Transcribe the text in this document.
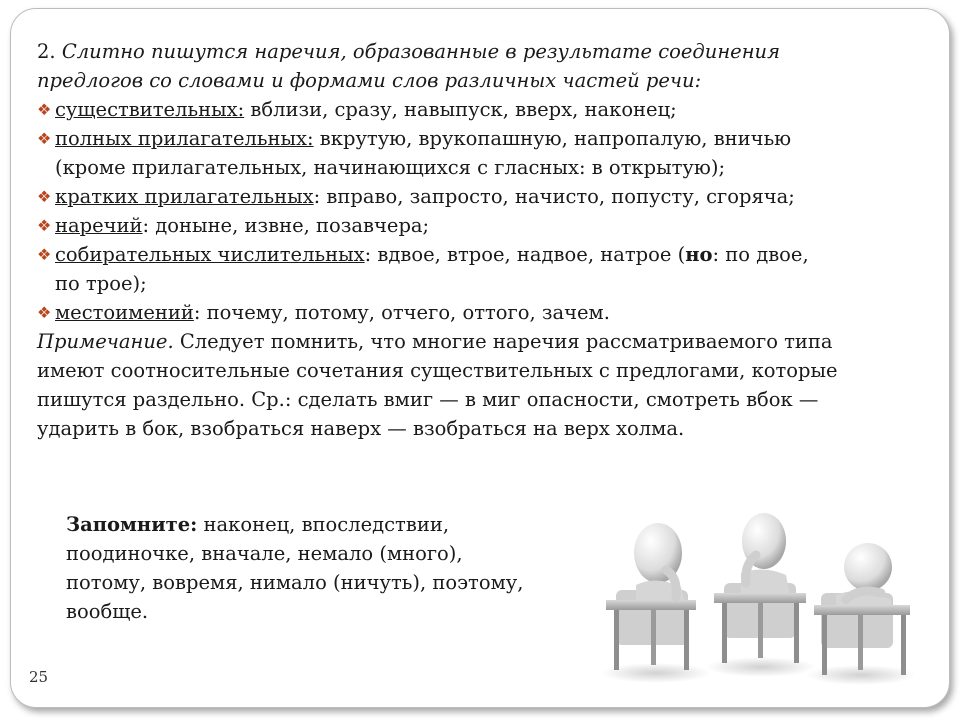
2. Слитно пишутся наречия, образованные в результате соединения предлогов со словами и формами слов различных частей речи:
❖ существительных: вблизи, сразу, навыпуск, вверх, наконец;
❖ полных прилагательных: вкрутую, врукопашную, напропалую, вничью
(кроме прилагательных, начинающихся с гласных: в открытую);
❖ кратких прилагательных: вправо, запросто, начисто, попусту, сгоряча;
❖ наречий: доныне, извне, позавчера;
❖ собирательных числительных: вдвое, втрое, надвое, натрое (но: по двое,
по трое);
❖ местоимений: почему, потому, отчего, оттого, зачем.
Примечание. Следует помнить, что многие наречия рассматриваемого типа имеют соотносительные сочетания существительных с предлогами, которые пишутся раздельно. Ср.: сделать вмиг — в миг опасности, смотреть вбок — ударить в бок, взобраться наверх — взобраться на верх холма.
Запомните: наконец, впоследствии, поодиночке, вначале, немало (много), потому, вовремя, нимало (ничуть), поэтому, вообще.
25
